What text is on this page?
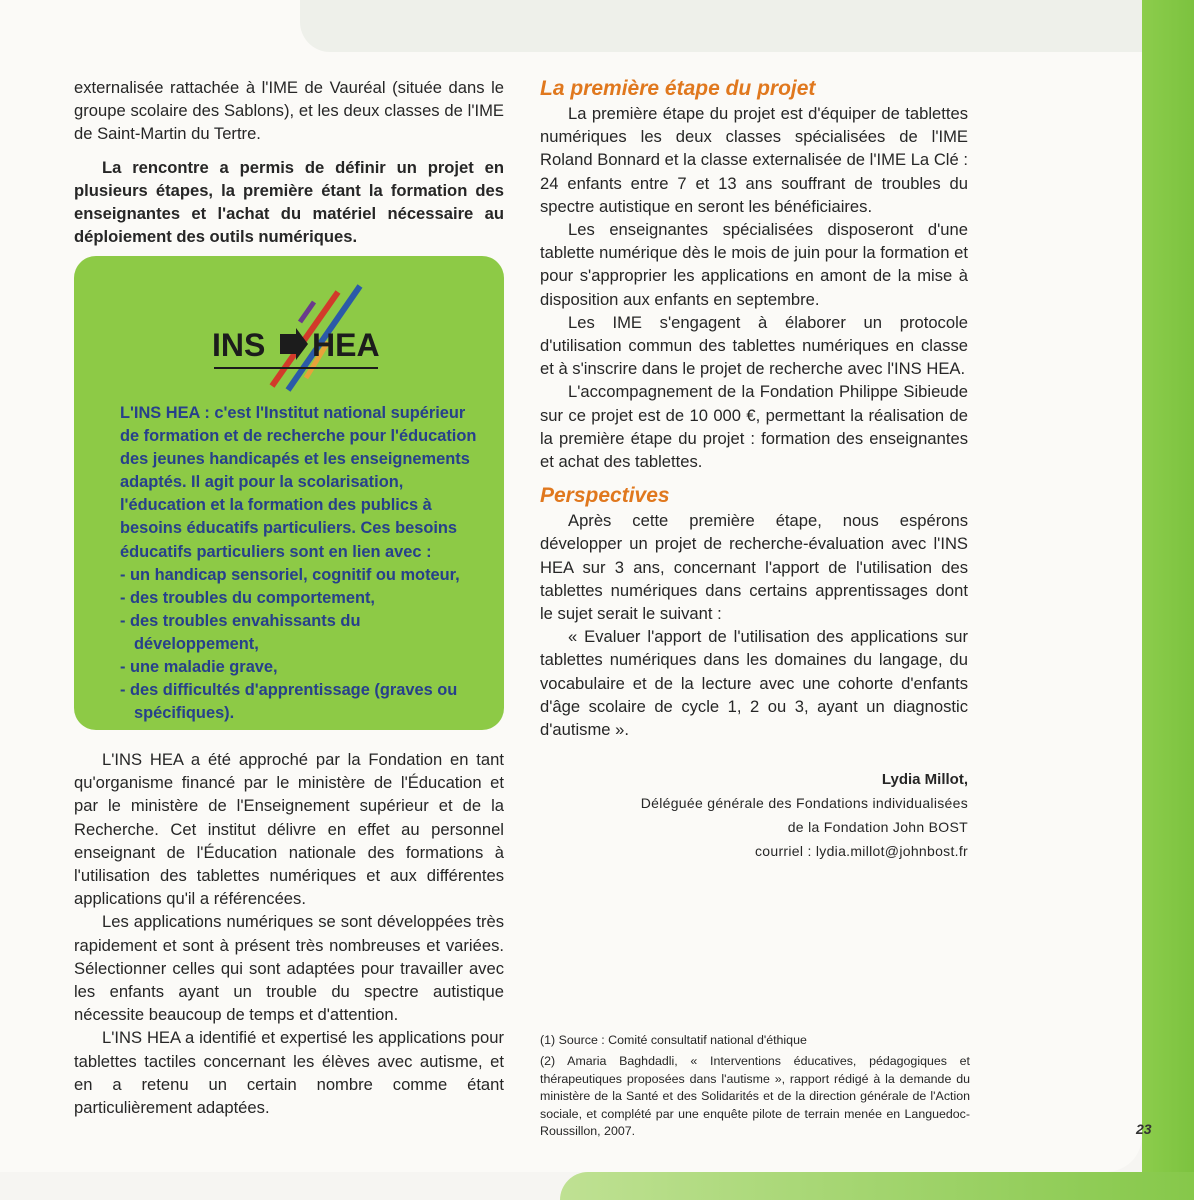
externalisée rattachée à l'IME de Vauréal (située dans le groupe scolaire des Sablons), et les deux classes de l'IME de Saint-Martin du Tertre.

La rencontre a permis de définir un projet en plusieurs étapes, la première étant la formation des enseignantes et l'achat du matériel nécessaire au déploiement des outils numériques.

INS HEA

L'INS HEA : c'est l'Institut national supérieur de formation et de recherche pour l'éducation des jeunes handicapés et les enseignements adaptés. Il agit pour la scolarisation, l'éducation et la formation des publics à besoins éducatifs particuliers. Ces besoins éducatifs particuliers sont en lien avec :

- un handicap sensoriel, cognitif ou moteur,
- des troubles du comportement,
- des troubles envahissants du développement,
- une maladie grave,
- des difficultés d'apprentissage (graves ou spécifiques).

L'INS HEA a été approché par la Fondation en tant qu'organisme financé par le ministère de l'Éducation et par le ministère de l'Enseignement supérieur et de la Recherche. Cet institut délivre en effet au personnel enseignant de l'Éducation nationale des formations à l'utilisation des tablettes numériques et aux différentes applications qu'il a référencées.

Les applications numériques se sont développées très rapidement et sont à présent très nombreuses et variées. Sélectionner celles qui sont adaptées pour travailler avec les enfants ayant un trouble du spectre autistique nécessite beaucoup de temps et d'attention.

L'INS HEA a identifié et expertisé les applications pour tablettes tactiles concernant les élèves avec autisme, et en a retenu un certain nombre comme étant particulièrement adaptées.

La première étape du projet

La première étape du projet est d'équiper de tablettes numériques les deux classes spécialisées de l'IME Roland Bonnard et la classe externalisée de l'IME La Clé : 24 enfants entre 7 et 13 ans souffrant de troubles du spectre autistique en seront les bénéficiaires.

Les enseignantes spécialisées disposeront d'une tablette numérique dès le mois de juin pour la formation et pour s'approprier les applications en amont de la mise à disposition aux enfants en septembre.

Les IME s'engagent à élaborer un protocole d'utilisation commun des tablettes numériques en classe et à s'inscrire dans le projet de recherche avec l'INS HEA.

L'accompagnement de la Fondation Philippe Sibieude sur ce projet est de 10 000 €, permettant la réalisation de la première étape du projet : formation des enseignantes et achat des tablettes.

Perspectives

Après cette première étape, nous espérons développer un projet de recherche-évaluation avec l'INS HEA sur 3 ans, concernant l'apport de l'utilisation des tablettes numériques dans certains apprentissages dont le sujet serait le suivant :

« Evaluer l'apport de l'utilisation des applications sur tablettes numériques dans les domaines du langage, du vocabulaire et de la lecture avec une cohorte d'enfants d'âge scolaire de cycle 1, 2 ou 3, ayant un diagnostic d'autisme ».

Lydia Millot,
Déléguée générale des Fondations individualisées
de la Fondation John BOST
courriel : lydia.millot@johnbost.fr

(1) Source : Comité consultatif national d'éthique

(2) Amaria Baghdadli, « Interventions éducatives, pédagogiques et thérapeutiques proposées dans l'autisme », rapport rédigé à la demande du ministère de la Santé et des Solidarités et de la direction générale de l'Action sociale, et complété par une enquête pilote de terrain menée en Languedoc-Roussillon, 2007.	23
